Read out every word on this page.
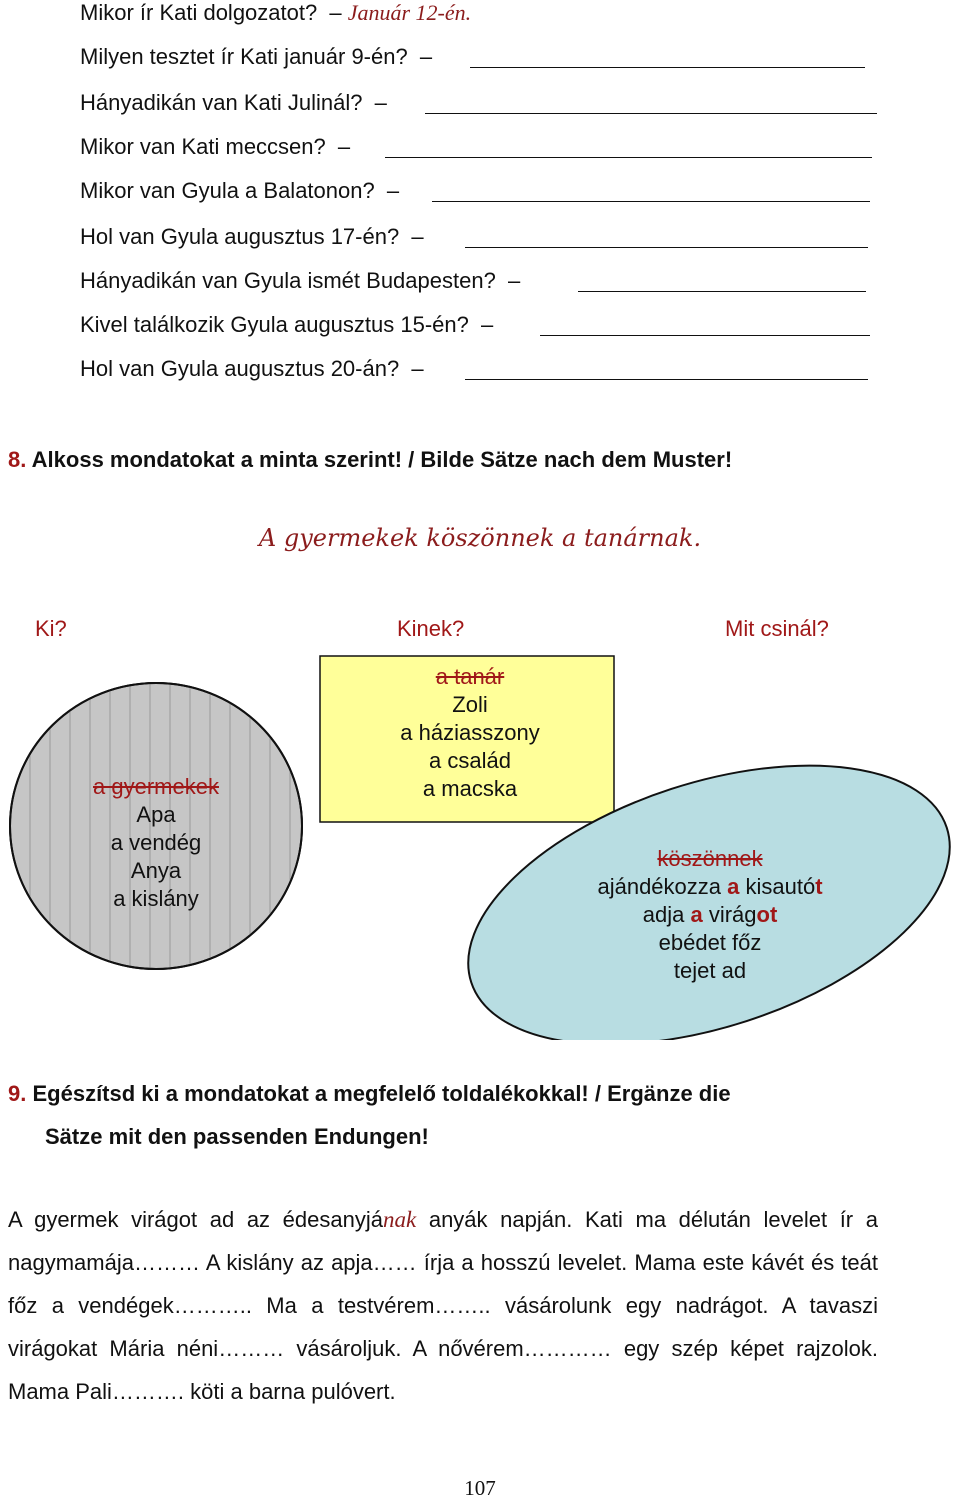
Mikor ír Kati dolgozatot? – Január 12-én.
Milyen tesztet ír Kati január 9-én? –
Hányadikán van Kati Julinál? –
Mikor van Kati meccsen? –
Mikor van Gyula a Balatonon? –
Hol van Gyula augusztus 17-én? –
Hányadikán van Gyula ismét Budapesten? –
Kivel találkozik Gyula augusztus 15-én? –
Hol van Gyula augusztus 20-án? –
8. Alkoss mondatokat a minta szerint! / Bilde Sätze nach dem Muster!
A gyermekek köszönnek a tanárnak.
Ki?	Kinek?	Mit csinál?
a gyermekek
Apa
a vendég
Anya
a kislány
a tanár
Zoli
a háziasszony
a család
a macska
köszönnek
ajándékozza a kisautót
adja a virágot
ebédet főz
tejet ad
9. Egészítsd ki a mondatokat a megfelelő toldalékokkal! / Ergänze die
Sätze mit den passenden Endungen!
A gyermek virágot ad az édesanyjának anyák napján. Kati ma délután levelet ír a nagymamája……… A kislány az apja…… írja a hosszú levelet. Mama este kávét és teát főz a vendégek……….. Ma a testvérem…….. vásárolunk egy nadrágot. A tavaszi virágokat Mária néni……… vásároljuk. A nővérem………… egy szép képet rajzolok. Mama Pali………. köti a barna pulóvert.
107
